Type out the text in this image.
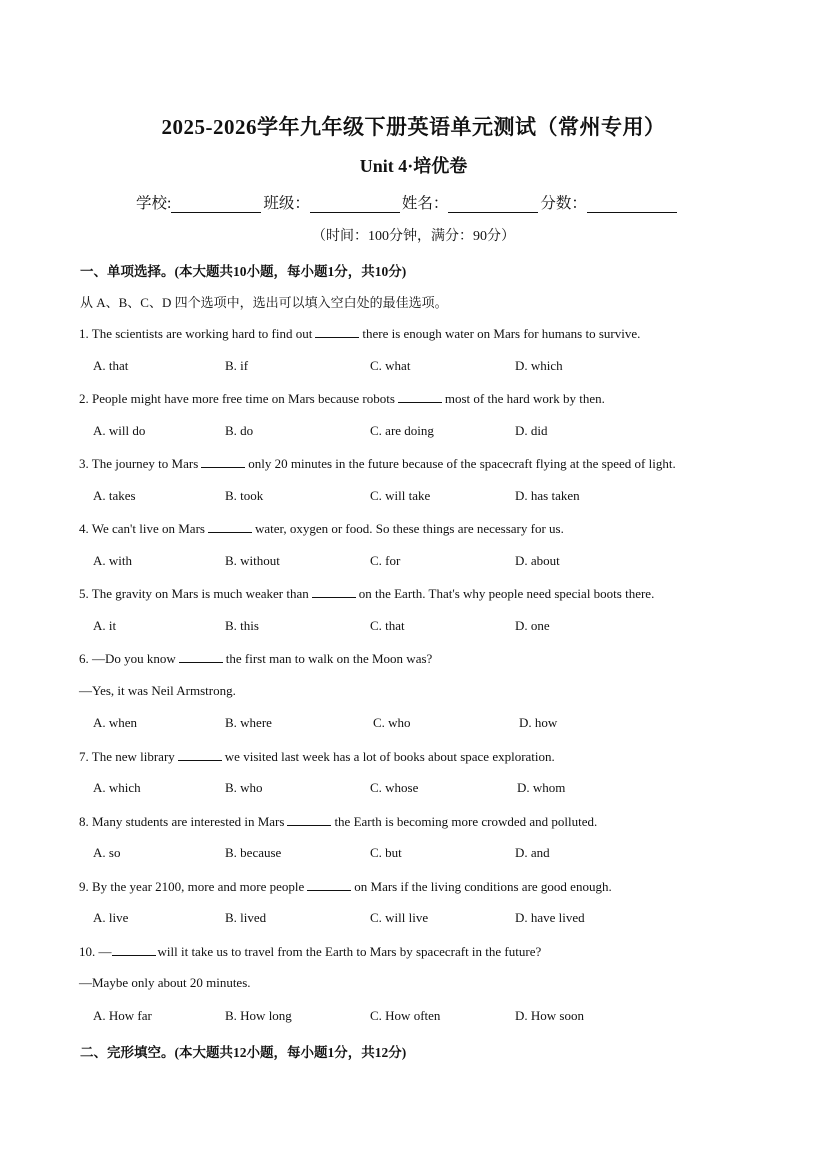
2025-2026学年九年级下册英语单元测试（常州专用）
Unit 4·培优卷
学校:	班级：	姓名：	分数：
（时间：100分钟，满分：90分）
一、单项选择。(本大题共10小题，每小题1分，共10分)
从 A、B、C、D 四个选项中，选出可以填入空白处的最佳选项。
1. The scientists are working hard to find out	there is enough water on Mars for humans to survive.
A. that	B. if	C. what	D. which
2. People might have more free time on Mars because robots	most of the hard work by then.
A. will do	B. do	C. are doing	D. did
3. The journey to Mars	only 20 minutes in the future because of the spacecraft flying at the speed of light.
A. takes	B. took	C. will take	D. has taken
4. We can't live on Mars	water, oxygen or food. So these things are necessary for us.
A. with	B. without	C. for	D. about
5. The gravity on Mars is much weaker than	on the Earth. That's why people need special boots there.
A. it	B. this	C. that	D. one
6. —Do you know	the first man to walk on the Moon was?
—Yes, it was Neil Armstrong.
A. when	B. where	C. who	D. how
7. The new library	we visited last week has a lot of books about space exploration.
A. which	B. who	C. whose	D. whom
8. Many students are interested in Mars	the Earth is becoming more crowded and polluted.
A. so	B. because	C. but	D. and
9. By the year 2100, more and more people	on Mars if the living conditions are good enough.
A. live	B. lived	C. will live	D. have lived
10. —	will it take us to travel from the Earth to Mars by spacecraft in the future?
—Maybe only about 20 minutes.
A. How far	B. How long	C. How often	D. How soon
二、完形填空。(本大题共12小题，每小题1分，共12分)
